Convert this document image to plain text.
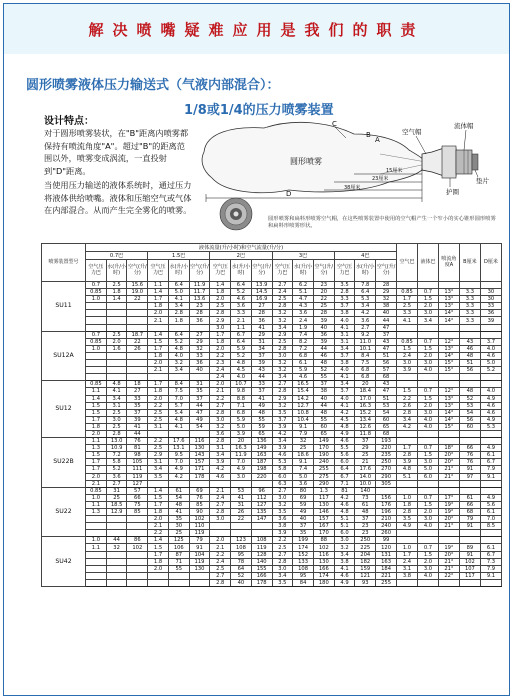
解决喷嘴疑难应用是我们的职责
圆形喷雾液体压力输送式（气液内部混合）：
1/8或1/4的压力喷雾装置
设计特点：
对于圆形喷雾装状，在"B"距离内喷雾都保持有喷流角度"A"。超过"B"的距离范围以外，喷雾变成涡流，一直投射到"D"距离。
当使用压力输送的液体系统时，通过压力将液体供给喷嘴。液体和压缩空气或气体在内部混合。从而产生完全雾化的喷雾。
圆形喷雾
C
B
A
空气帽
流体帽
垫片
护圈
15厘米
23厘米
38厘米
D
圆形喷雾和扁料形喷雾空气帽，在这些喷雾装置中使用的空气帽产生一个窄小的实心锥形圆形喷雾和扁料形喷雾形状。
喷雾装置型号	液体流量(升/小时)和空气流量(升/分)															空气巴	液体巴	喷流角度A	B厘米	D厘米
	0.7巴			1.5巴			2巴			3巴			4巴							
	空气压力巴	水(升/小时)	空气(升/分)	空气压力巴	水(升/小时)	空气(升/分)	空气压力巴	水(升/小时)	空气(升/分)	空气压力巴	水(升/小时)	空气(升/分)	空气压力巴	水(升/小时)	空气(升/分)					
SU11	0.7	2.5	15.6	1.1	6.4	11.9	1.4	6.4	13.9	2.7	6.2	23	3.5	7.8	28					
	0.85	1.8	19.0	1.4	5.0	11.7	1.8	5.2	14.5	2.4	5.1	20	2.8	6.4	29	0.85	0.7	13°	3.3	30
	1.0	1.4	22	1.7	4.1	13.6	2.0	4.6	16.9	2.5	4.7	22	3.3	5.3	32	1.7	1.5	13°	3.3	30
				1.8	3.4	23	2.5	3.6	27	2.8	4.3	25	3.7	3.4	38	2.5	2.0	13°	3.3	33
				2.0	2.8	28	2.8	3.3	28	3.2	3.6	28	3.8	4.2	40	3.3	3.0	14°	3.3	36
				2.1	1.8	36	2.9	2.1	36	3.2	2.4	39	4.0	3.6	44	4.1	3.4	14°	3.3	39
							3.0	1.1	41	3.4	1.9	40	4.1	2.7	47					
SU12A	0.7	2.5	18.7	1.4	6.4	27	1.7	6.7	29	2.9	7.4	36	3.1	9.2	37					
	0.85	2.0	22	1.5	5.2	29	1.8	6.4	31	2.5	8.2	39	3.1	11.0	43	0.85	0.7	12°	43	3.7
	1.0	1.6	26	1.7	4.8	32	2.0	5.9	34	2.8	7.2	44	3.4	10.1	47	1.5	1.5	13°	46	4.0
				1.8	4.0	33	2.2	5.2	37	3.0	6.8	46	3.7	8.4	51	2.4	2.0	14°	48	4.6
				2.0	3.2	36	2.3	4.8	39	3.2	6.1	48	3.8	7.5	56	3.0	3.0	15°	51	5.0
				2.1	3.4	40	2.4	4.5	43	3.2	5.9	52	4.0	6.8	57	3.9	4.0	15°	56	5.2
							2.4	4.0	44	3.4	4.6	55	4.1	6.8	68					
SU12	0.85	4.8	18	1.7	8.4	31	2.0	10.7	33	2.7	16.5	37	3.4	20	43					
	1.1	4.1	27	1.8	7.5	35	2.1	9.8	37	2.8	15.4	38	3.7	18.4	47	1.5	0.7	12°	48	4.0
	1.4	3.4	33	2.0	7.0	37	2.2	8.8	41	2.9	14.2	40	4.0	17.0	51	2.2	1.5	13°	52	4.9
	1.5	3.1	35	2.2	5.7	44	2.7	7.1	49	3.2	12.7	44	4.1	16.3	53	2.6	2.0	13°	53	4.6
	1.5	2.5	37	2.5	5.4	47	2.8	6.8	48	3.5	10.8	48	4.2	15.2	54	2.8	3.0	14°	54	4.6
	1.7	3.0	39	2.5	4.8	49	3.0	5.9	55	3.7	10.4	55	4.5	13.4	60	3.4	4.0	14°	56	4.9
	1.8	2.5	41	3.1	4.1	54	3.2	5.0	59	3.9	9.1	60	4.8	12.6	65	4.2	4.0	15°	60	5.3
	2.0	2.8	44				3.6	3.9	65	4.2	7.9	65	4.9	11.8	68					
SU22B	1.1	13.0	76	2.2	17.6	116	2.8	20	136	3.4	32	149	4.6	37	193					
	1.3	10.9	81	2.5	13.1	130	3.1	16.3	149	3.9	25	170	5.5	29	220	1.7	0.7	18°	66	4.9
	1.5	7.2	98	2.9	9.5	143	3.4	11.9	163	4.6	18.6	190	5.6	25	235	2.8	1.5	20°	76	6.1
	1.7	5.8	105	3.1	7.0	157	3.9	7.0	187	5.3	9.1	240	6.0	21	250	3.9	3.0	20°	76	6.7
	1.7	5.2	111	3.4	4.9	171	4.2	4.9	198	5.8	7.4	255	6.4	17.6	270	4.8	5.0	21°	91	7.9
	2.0	3.6	119	3.5	4.2	178	4.6	3.0	220	6.0	5.0	275	6.7	14.0	290	5.1	6.0	21°	97	9.1
	2.1	2.7	127							6.3	3.6	290	7.1	10.0	305					
SU22	0.85	31	57	1.4	61	69	2.1	53	96	2.7	80	1.3	81	140						
	1.0	25	66	1.5	54	76	2.4	41	112	3.0	69	117	4.2	73	156	1.0	0.7	17°	61	4.9
	1.1	18.5	75	1.7	48	85	2.7	31	127	3.2	59	130	4.6	61	176	1.8	1.5	19°	66	5.6
	1.3	12.9	85	1.8	41	90	2.8	26	135	3.5	49	146	4.8	48	196	2.8	2.0	19°	68	6.1
				2.0	35	102	3.0	22	147	3.6	40	157	5.1	37	210	3.5	3.0	20°	79	7.0
				2.1	30	110				3.8	37	167	5.1	23	240	4.9	4.0	21°	91	8.5
				2.2	25	119				3.9	35	170	6.0	23	260					
SU42	1.0	44	86	1.4	125	79	2.0	123	108	2.2	199	88	3.0	250	99					
	1.1	32	102	1.5	106	91	2.1	108	119	2.5	174	102	3.2	225	120	1.0	0.7	19°	89	6.1
				1.7	87	104	2.2	95	128	2.7	152	116	3.4	204	131	1.7	1.5	20°	91	6.7
				1.8	71	119	2.4	78	140	2.8	133	130	3.8	182	163	2.4	2.0	21°	102	7.3
				2.0	55	130	2.5	64	155	3.0	108	166	4.1	159	184	3.1	3.0	21°	107	7.9
							2.7	52	166	3.4	95	174	4.6	121	221	3.8	4.0	22°	117	9.1
							2.8	40	178	3.5	84	180	4.9	93	255					
